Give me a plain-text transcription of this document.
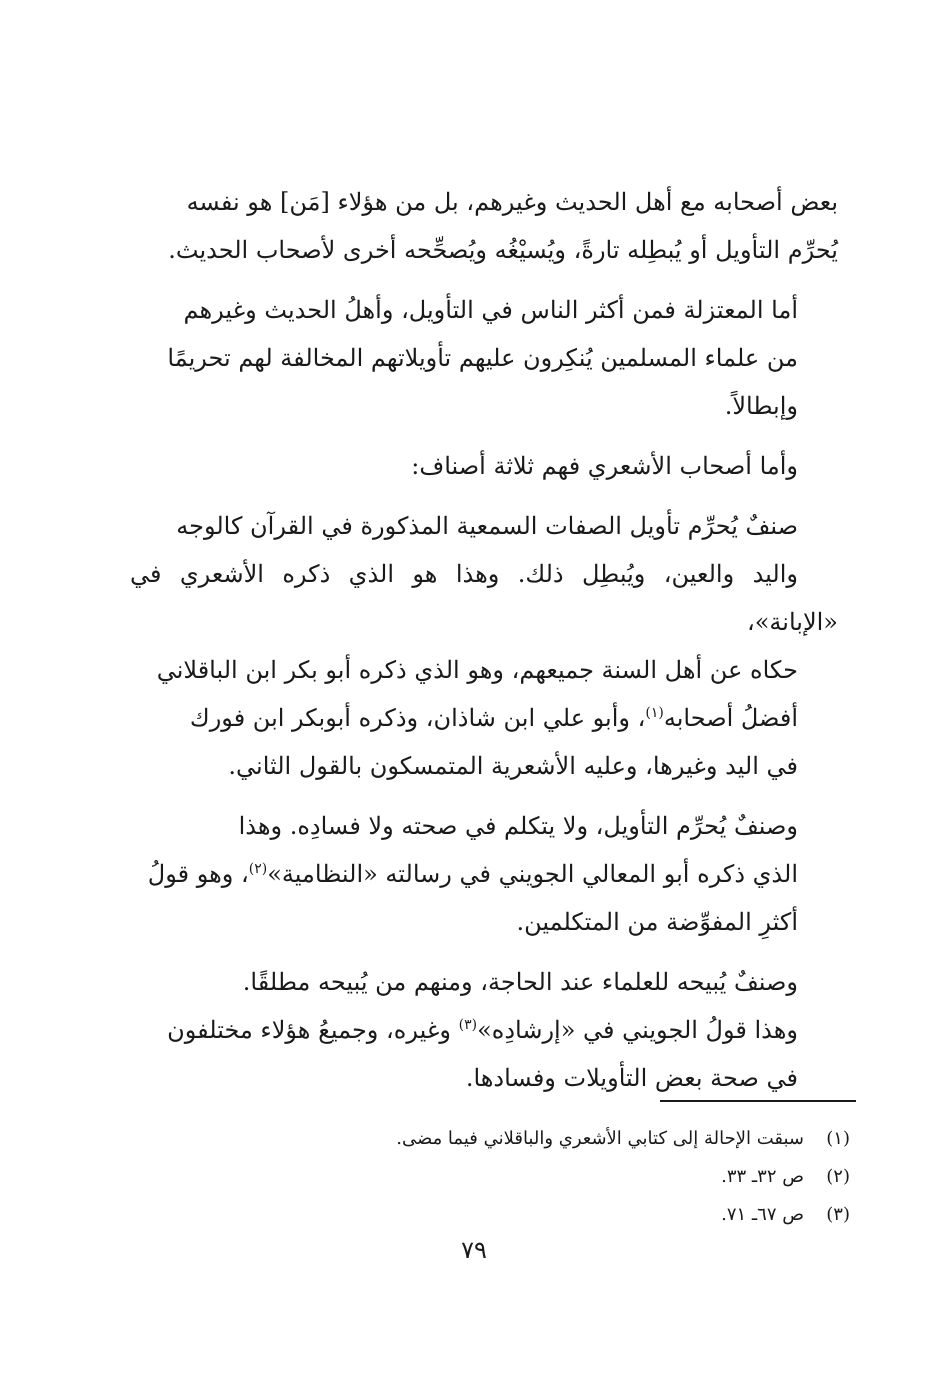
بعض أصحابه مع أهل الحديث وغيرهم، بل من هؤلاء [مَن] هو نفسه
يُحرِّم التأويل أو يُبطِله تارةً، ويُسيْغُه ويُصحِّحه أخرى لأصحاب الحديث.

أما المعتزلة فمن أكثر الناس في التأويل، وأهلُ الحديث وغيرهم
من علماء المسلمين يُنكِرون عليهم تأويلاتهم المخالفة لهم تحريمًا
وإبطالاً.

وأما أصحاب الأشعري فهم ثلاثة أصناف:

صنفٌ يُحرِّم تأويل الصفات السمعية المذكورة في القرآن كالوجه
واليد والعين، ويُبطِل ذلك. وهذا هو الذي ذكره الأشعري في «الإبانة»،
حكاه عن أهل السنة جميعهم، وهو الذي ذكره أبو بكر ابن الباقلاني
أفضلُ أصحابه$^{(١)}$، وأبو علي ابن شاذان، وذكره أبوبكر ابن فورك
في اليد وغيرها، وعليه الأشعرية المتمسكون بالقول الثاني.

وصنفٌ يُحرِّم التأويل، ولا يتكلم في صحته ولا فسادِه. وهذا
الذي ذكره أبو المعالي الجويني في رسالته «النظامية»$^{(٢)}$، وهو قولُ
أكثرِ المفوِّضة من المتكلمين.

وصنفٌ يُبيحه للعلماء عند الحاجة، ومنهم من يُبيحه مطلقًا.
وهذا قولُ الجويني في «إرشادِه»$^{(٣)}$ وغيره، وجميعُ هؤلاء مختلفون
في صحة بعض التأويلات وفسادها.

(١)سبقت الإحالة إلى كتابي الأشعري والباقلاني فيما مضى.
(٢)ص ٣٢ـ ٣٣.
(٣)ص ٦٧ـ ٧١.
٧٩
